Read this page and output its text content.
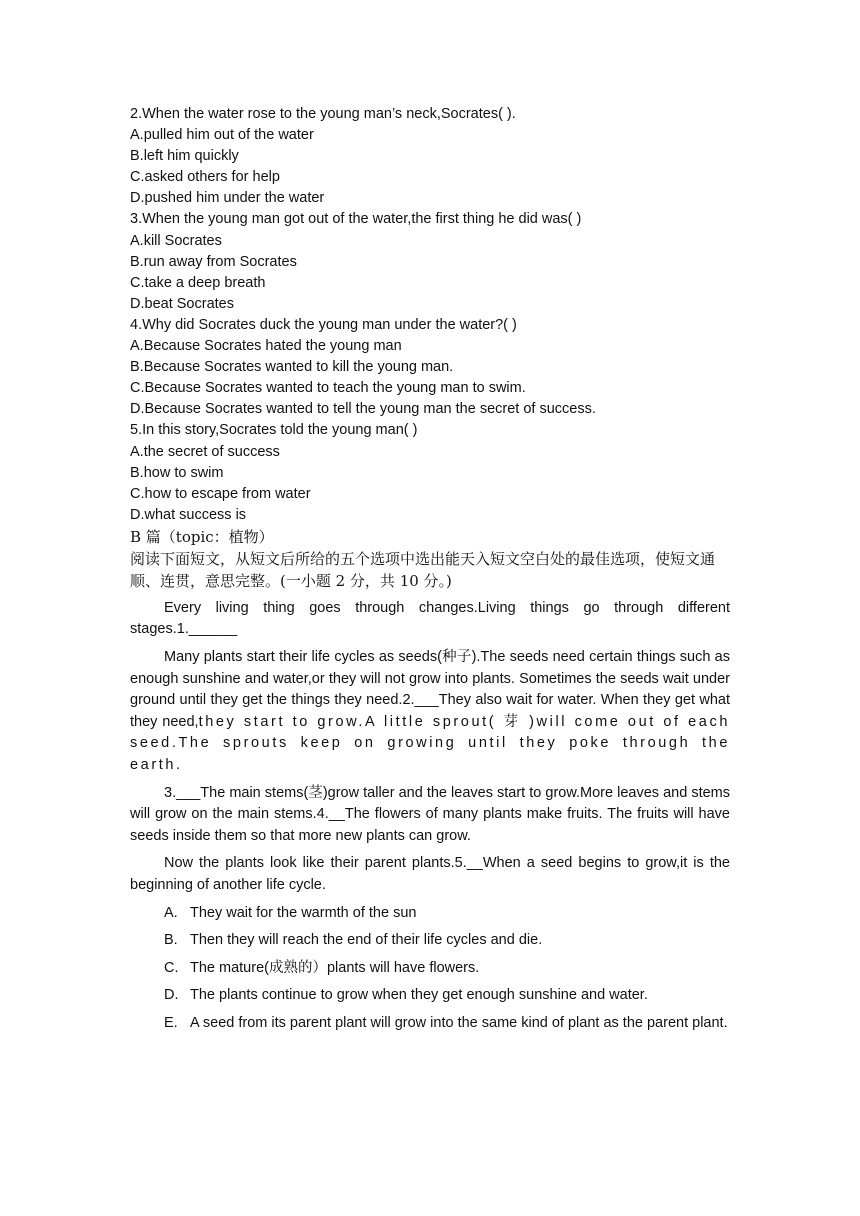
2.When the water rose to the young man’s neck,Socrates( ).

A.pulled him out of the water

B.left him quickly

C.asked others for help

D.pushed him under the water

3.When the young man got out of the water,the first thing he did was( )

A.kill Socrates

B.run away from Socrates

C.take a deep breath

D.beat Socrates

4.Why did Socrates duck the young man under the water?( )

A.Because Socrates hated the young man

B.Because Socrates wanted to kill the young man.

C.Because Socrates wanted to teach the young man to swim.

D.Because Socrates wanted to tell the young man the secret of success.

5.In this story,Socrates told the young man( )

A.the secret of success

B.how to swim

C.how to escape from water

D.what success is

B 篇（topic：植物）

阅读下面短文，从短文后所给的五个选项中选出能天入短文空白处的最佳选项，使短文通顺、连贯，意思完整。(一小题 2 分，共 10 分。)

Every living thing goes through changes.Living things go through different stages.1.______

Many plants start their life cycles as seeds(种子).The seeds need certain things such as enough sunshine and water,or they will not grow into plants. Sometimes the seeds wait under ground until they get the things they need.2.___They also wait for water. When they get what they need,they start to grow.A little sprout( 芽 )will come out of each seed.The sprouts keep on growing until they poke through the earth.

3.___The main stems(茎)grow taller and the leaves start to grow.More leaves and stems will grow on the main stems.4.__The flowers of many plants make fruits. The fruits will have seeds inside them so that more new plants can grow.

Now the plants look like their parent plants.5.__When a seed begins to grow,it is the beginning of another life cycle.

A. They wait for the warmth of the sun

B. Then they will reach the end of their life cycles and die.

C. The mature(成熟的）plants will have flowers.

D. The plants continue to grow when they get enough sunshine and water.

E. A seed from its parent plant will grow into the same kind of plant as the parent plant.
